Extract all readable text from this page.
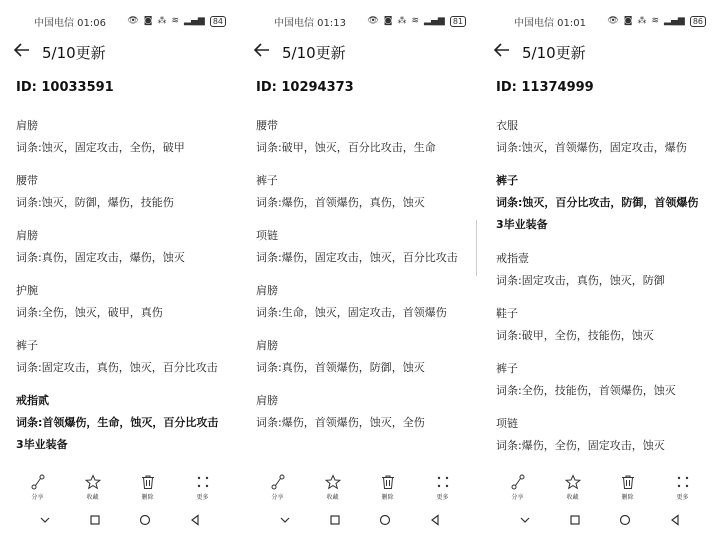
中国电信 01:06 👁 ◙ ⁂ ≋ ▂▄▆	84
5/10更新
ID: 10033591
肩膀
词条:蚀灭，固定攻击，全伤，破甲
腰带
词条:蚀灭，防御，爆伤，技能伤
肩膀
词条:真伤，固定攻击，爆伤，蚀灭
护腕
词条:全伤，蚀灭，破甲，真伤
裤子
词条:固定攻击，真伤，蚀灭，百分比攻击
戒指贰
词条:首领爆伤，生命，蚀灭，百分比攻击
3毕业装备
分享	收藏	删除	更多
中国电信 01:13 👁 ◙ ⁂ ≋ ▂▄▆	81
5/10更新
ID: 10294373
腰带
词条:破甲，蚀灭，百分比攻击，生命
裤子
词条:爆伤，首领爆伤，真伤，蚀灭
项链
词条:爆伤，固定攻击，蚀灭，百分比攻击
肩膀
词条:生命，蚀灭，固定攻击，首领爆伤
肩膀
词条:真伤，首领爆伤，防御，蚀灭
肩膀
词条:爆伤，首领爆伤，蚀灭，全伤
分享	收藏	删除	更多
中国电信 01:01 👁 ◙ ⁂ ≋ ▂▄▆	86
5/10更新
ID: 11374999
衣服
词条:蚀灭，首领爆伤，固定攻击，爆伤
裤子
词条:蚀灭，百分比攻击，防御，首领爆伤
3毕业装备
戒指壹
词条:固定攻击，真伤，蚀灭，防御
鞋子
词条:破甲，全伤，技能伤，蚀灭
裤子
词条:全伤，技能伤，首领爆伤，蚀灭
项链
词条:爆伤，全伤，固定攻击，蚀灭
分享	收藏	删除	更多
